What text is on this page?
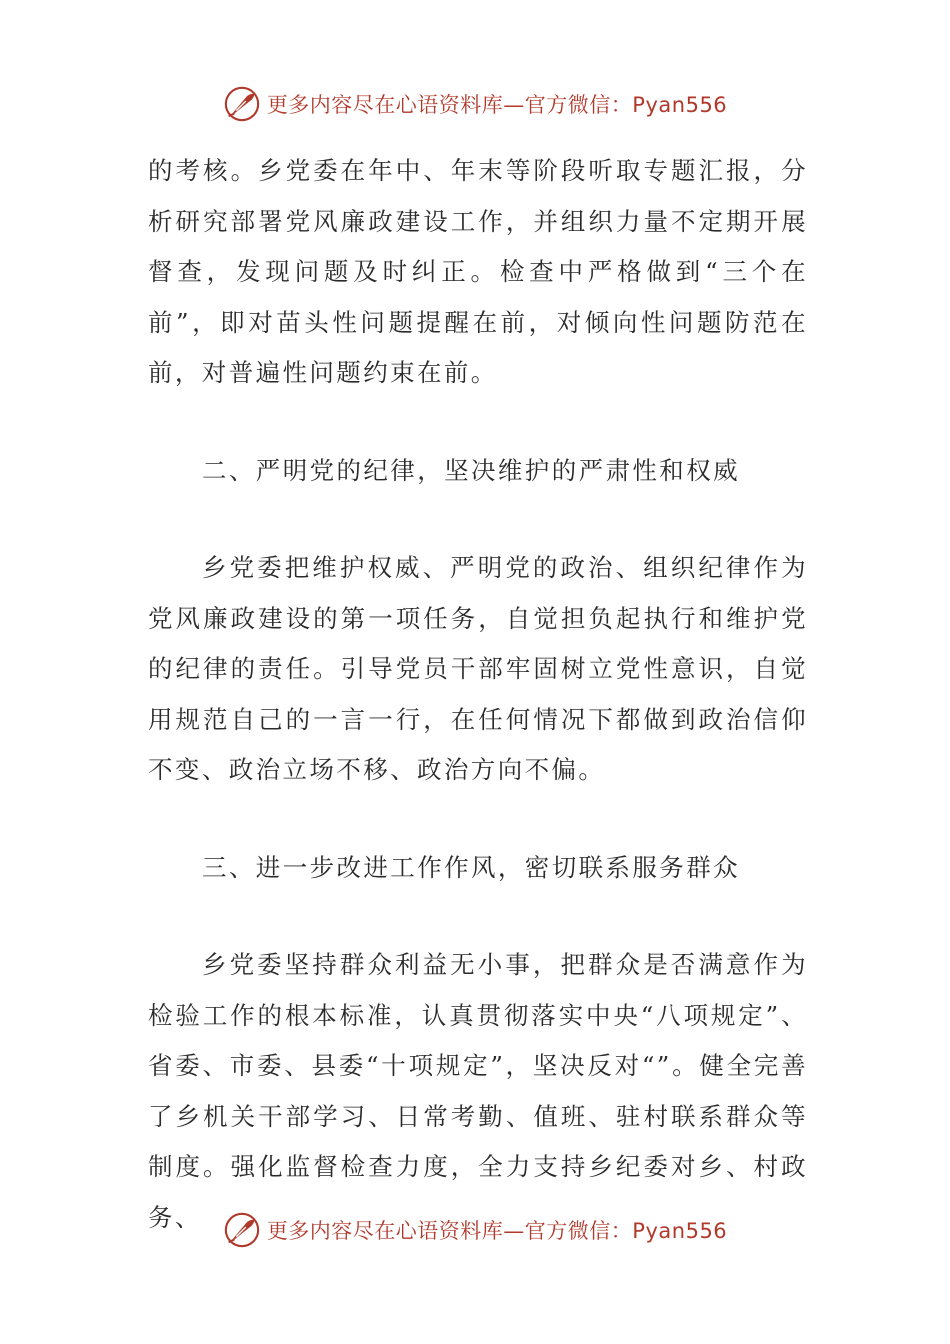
更多内容尽在心语资料库—官方微信：Pyan556

的考核。乡党委在年中、年末等阶段听取专题汇报，分析研究部署党风廉政建设工作，并组织力量不定期开展督查，发现问题及时纠正。检查中严格做到“三个在前”，即对苗头性问题提醒在前，对倾向性问题防范在前，对普遍性问题约束在前。

二、严明党的纪律，坚决维护的严肃性和权威

乡党委把维护权威、严明党的政治、组织纪律作为党风廉政建设的第一项任务，自觉担负起执行和维护党的纪律的责任。引导党员干部牢固树立党性意识，自觉用规范自己的一言一行，在任何情况下都做到政治信仰不变、政治立场不移、政治方向不偏。

三、进一步改进工作作风，密切联系服务群众

乡党委坚持群众利益无小事，把群众是否满意作为检验工作的根本标准，认真贯彻落实中央“八项规定”、省委、市委、县委“十项规定”，坚决反对“”。健全完善了乡机关干部学习、日常考勤、值班、驻村联系群众等制度。强化监督检查力度，全力支持乡纪委对乡、村政务、	更多内容尽在心语资料库—官方微信：Pyan556
